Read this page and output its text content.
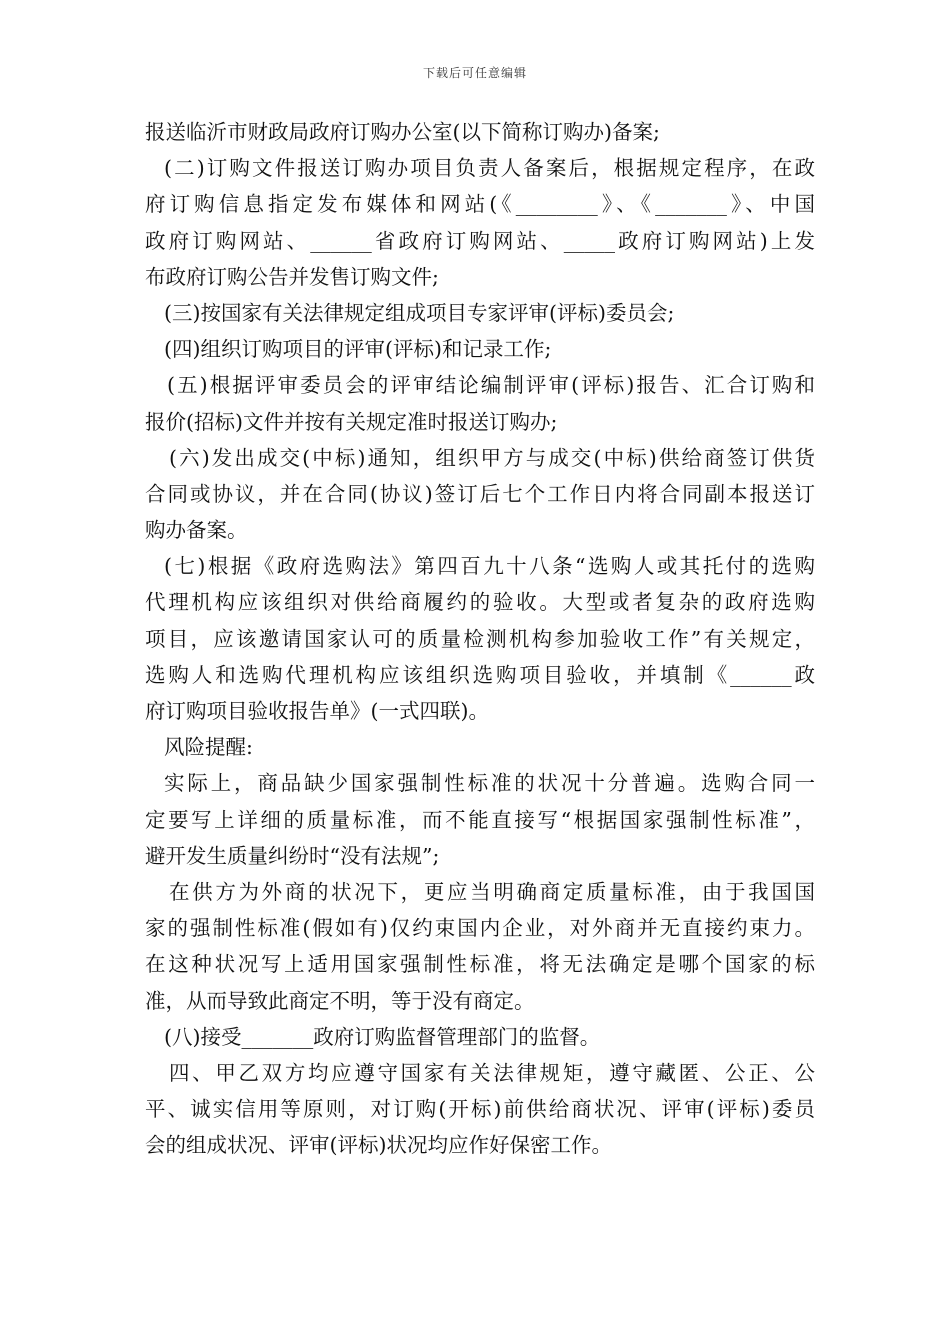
下载后可任意编辑
报送临沂市财政局政府订购办公室(以下简称订购办)备案;
(二)订购文件报送订购办项目负责人备案后，根据规定程序，在政
府订购信息指定发布媒体和网站(《________》、《_______》、中国
政府订购网站、______省政府订购网站、_____政府订购网站)上发
布政府订购公告并发售订购文件;
(三)按国家有关法律规定组成项目专家评审(评标)委员会;
(四)组织订购项目的评审(评标)和记录工作;
(五)根据评审委员会的评审结论编制评审(评标)报告、汇合订购和
报价(招标)文件并按有关规定准时报送订购办;
(六)发出成交(中标)通知，组织甲方与成交(中标)供给商签订供货
合同或协议，并在合同(协议)签订后七个工作日内将合同副本报送订
购办备案。
(七)根据《政府选购法》第四百九十八条“选购人或其托付的选购
代理机构应该组织对供给商履约的验收。大型或者复杂的政府选购
项目，应该邀请国家认可的质量检测机构参加验收工作”有关规定，
选购人和选购代理机构应该组织选购项目验收，并填制《______政
府订购项目验收报告单》(一式四联)。
风险提醒:
实际上，商品缺少国家强制性标准的状况十分普遍。选购合同一
定要写上详细的质量标准，而不能直接写“根据国家强制性标准”，
避开发生质量纠纷时“没有法规”;
在供方为外商的状况下，更应当明确商定质量标准，由于我国国
家的强制性标准(假如有)仅约束国内企业，对外商并无直接约束力。
在这种状况写上适用国家强制性标准，将无法确定是哪个国家的标
准，从而导致此商定不明，等于没有商定。
(八)接受_______政府订购监督管理部门的监督。
四、甲乙双方均应遵守国家有关法律规矩，遵守藏匿、公正、公
平、诚实信用等原则，对订购(开标)前供给商状况、评审(评标)委员
会的组成状况、评审(评标)状况均应作好保密工作。
